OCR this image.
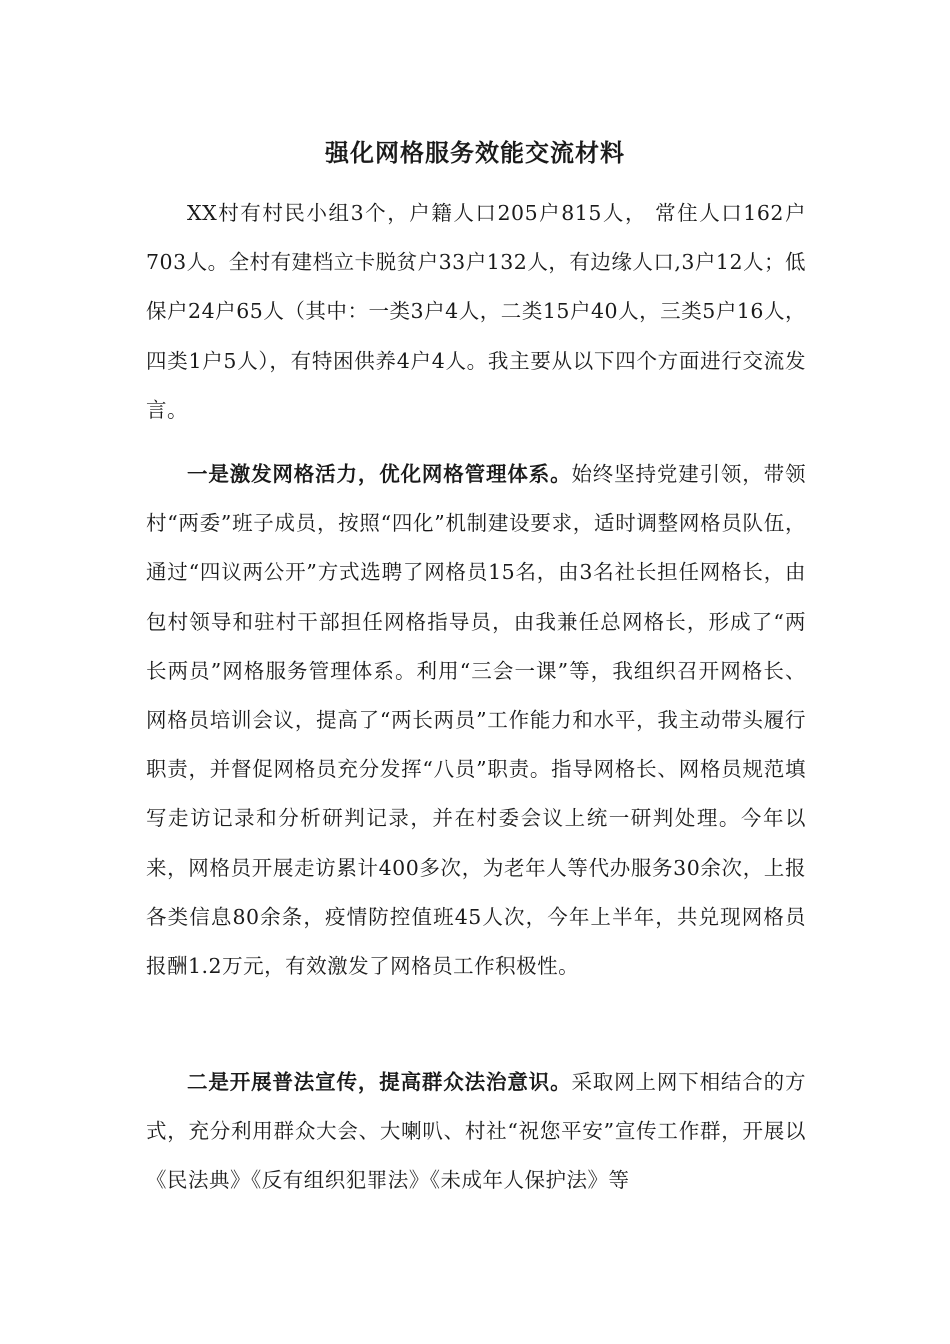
强化网格服务效能交流材料

XX村有村民小组3个，户籍人口205户815人， 常住人口162户703人。全村有建档立卡脱贫户33户132人，有边缘人口,3户12人；低保户24户65人（其中：一类3户4人，二类15户40人，三类5户16人，四类1户5人），有特困供养4户4人。我主要从以下四个方面进行交流发言。

一是激发网格活力，优化网格管理体系。始终坚持党建引领，带领村“两委”班子成员，按照“四化”机制建设要求，适时调整网格员队伍，通过“四议两公开”方式选聘了网格员15名，由3名社长担任网格长，由包村领导和驻村干部担任网格指导员，由我兼任总网格长，形成了“两长两员”网格服务管理体系。利用“三会一课”等，我组织召开网格长、网格员培训会议，提高了“两长两员”工作能力和水平，我主动带头履行职责，并督促网格员充分发挥“八员”职责。指导网格长、网格员规范填写走访记录和分析研判记录，并在村委会议上统一研判处理。今年以来，网格员开展走访累计400多次，为老年人等代办服务30余次，上报各类信息80余条，疫情防控值班45人次，今年上半年，共兑现网格员报酬1.2万元，有效激发了网格员工作积极性。

二是开展普法宣传，提高群众法治意识。采取网上网下相结合的方式，充分利用群众大会、大喇叭、村社“祝您平安”宣传工作群，开展以《民法典》《反有组织犯罪法》《未成年人保护法》等
